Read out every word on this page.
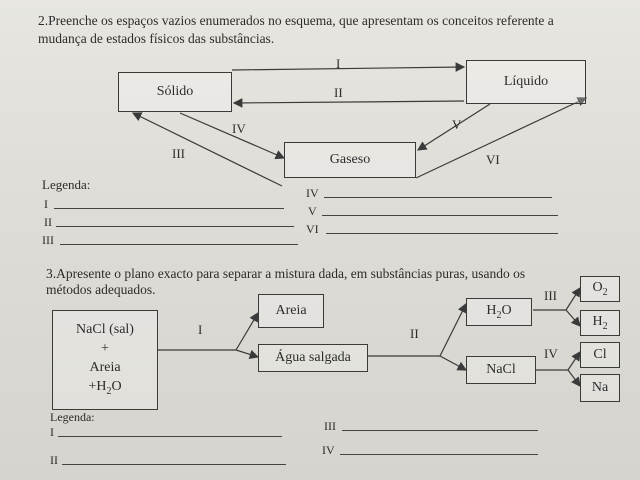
2.Preenche os espaços vazios enumerados no esquema, que apresentam os conceitos referente a
mudança de estados físicos das substâncias.
Sólido
Líquido
Gaseso
I
II
IV
III
V
VI
Legenda:
I
II
III
IV
V
VI
3.Apresente o plano exacto para separar a mistura dada, em substâncias puras, usando os
métodos adequados.
NaCl (sal)
+
Areia
$+H_2O$
I
Areia
Água salgada
II
$H_2O$
NaCl
III
IV
$O_2$
$H_2$
Cl
Na
Legenda:
I
II
III
IV
